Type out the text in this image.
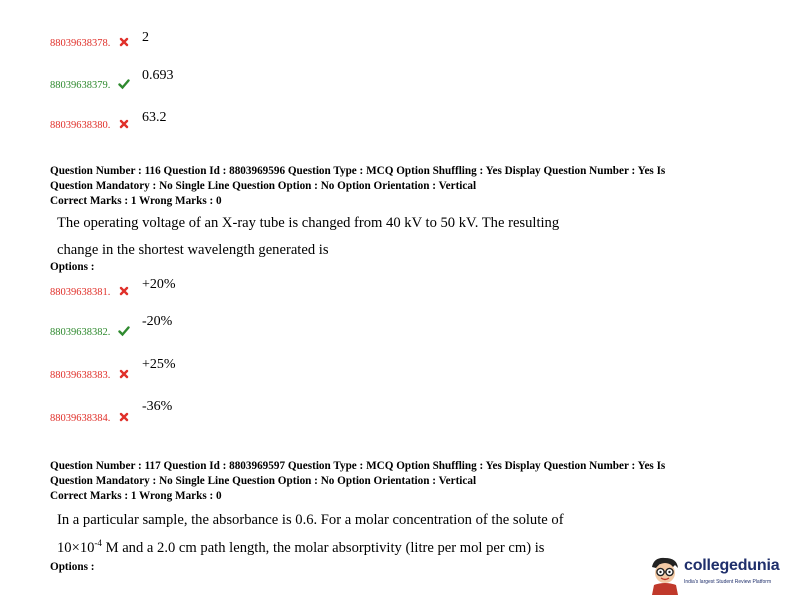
88039638378.	2
88039638379.
0.693
88039638380.
63.2
Question Number : 116 Question Id : 8803969596 Question Type : MCQ Option Shuffling : Yes Display Question Number : Yes Is
Question Mandatory : No Single Line Question Option : No Option Orientation : Vertical
Correct Marks : 1 Wrong Marks : 0
The operating voltage of an X-ray tube is changed from 40 kV to 50 kV. The resulting
change in the shortest wavelength generated is
Options :
88039638381.
+20%
88039638382.
-20%
88039638383.
+25%
88039638384.
-36%
Question Number : 117 Question Id : 8803969597 Question Type : MCQ Option Shuffling : Yes Display Question Number : Yes Is
Question Mandatory : No Single Line Question Option : No Option Orientation : Vertical
Correct Marks : 1 Wrong Marks : 0
In a particular sample, the absorbance is 0.6. For a molar concentration of the solute of
$10\times 10^{-4}$ M and a 2.0 cm path length, the molar absorptivity (litre per mol per cm) is
Options :	collegedunia
India's largest Student Review Platform
